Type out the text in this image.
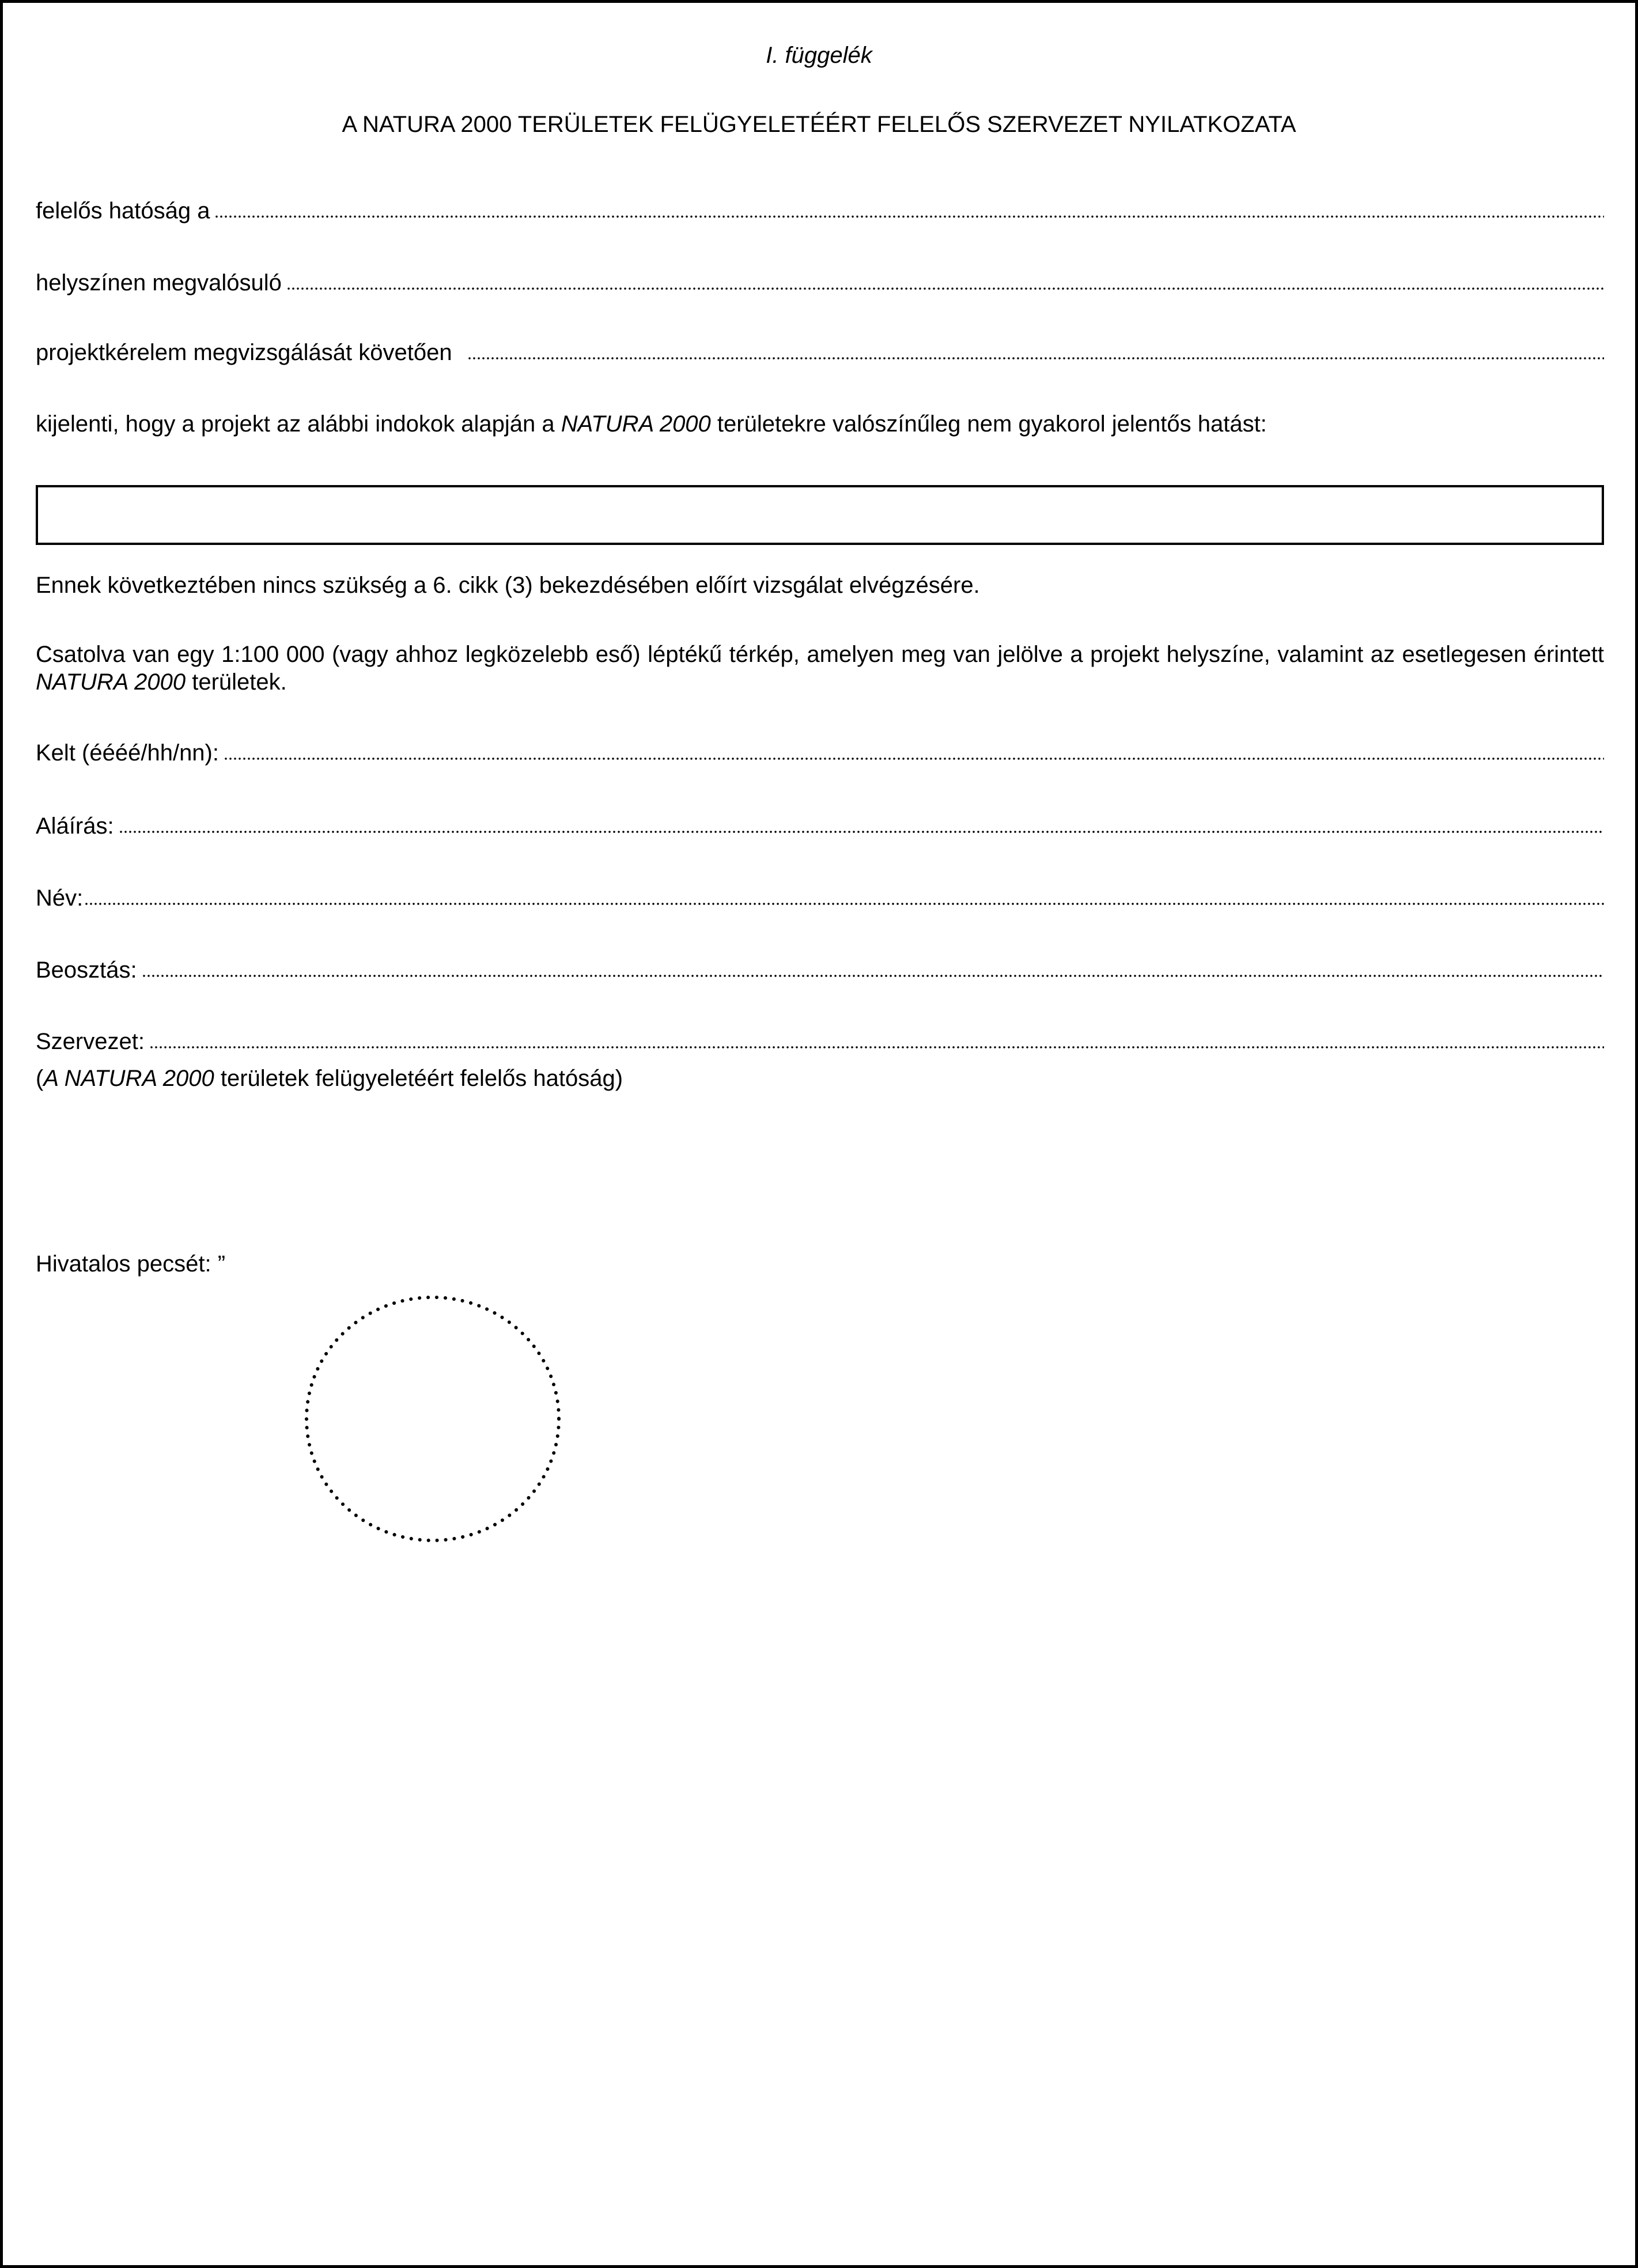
I. függelék
A NATURA 2000 TERÜLETEK FELÜGYELETÉÉRT FELELŐS SZERVEZET NYILATKOZATA
felelős hatóság a
helyszínen megvalósuló
projektkérelem megvizsgálását követően
kijelenti, hogy a projekt az alábbi indokok alapján a NATURA 2000 területekre valószínűleg nem gyakorol jelentős hatást:
Ennek következtében nincs szükség a 6. cikk (3) bekezdésében előírt vizsgálat elvégzésére.
Csatolva van egy 1:100 000 (vagy ahhoz legközelebb eső) léptékű térkép, amelyen meg van jelölve a projekt helyszíne, valamint az esetlegesen érintett NATURA 2000 területek.
Kelt (éééé/hh/nn):
Aláírás:
Név:
Beosztás:
Szervezet:
(A NATURA 2000 területek felügyeletéért felelős hatóság)
Hivatalos pecsét: ”
